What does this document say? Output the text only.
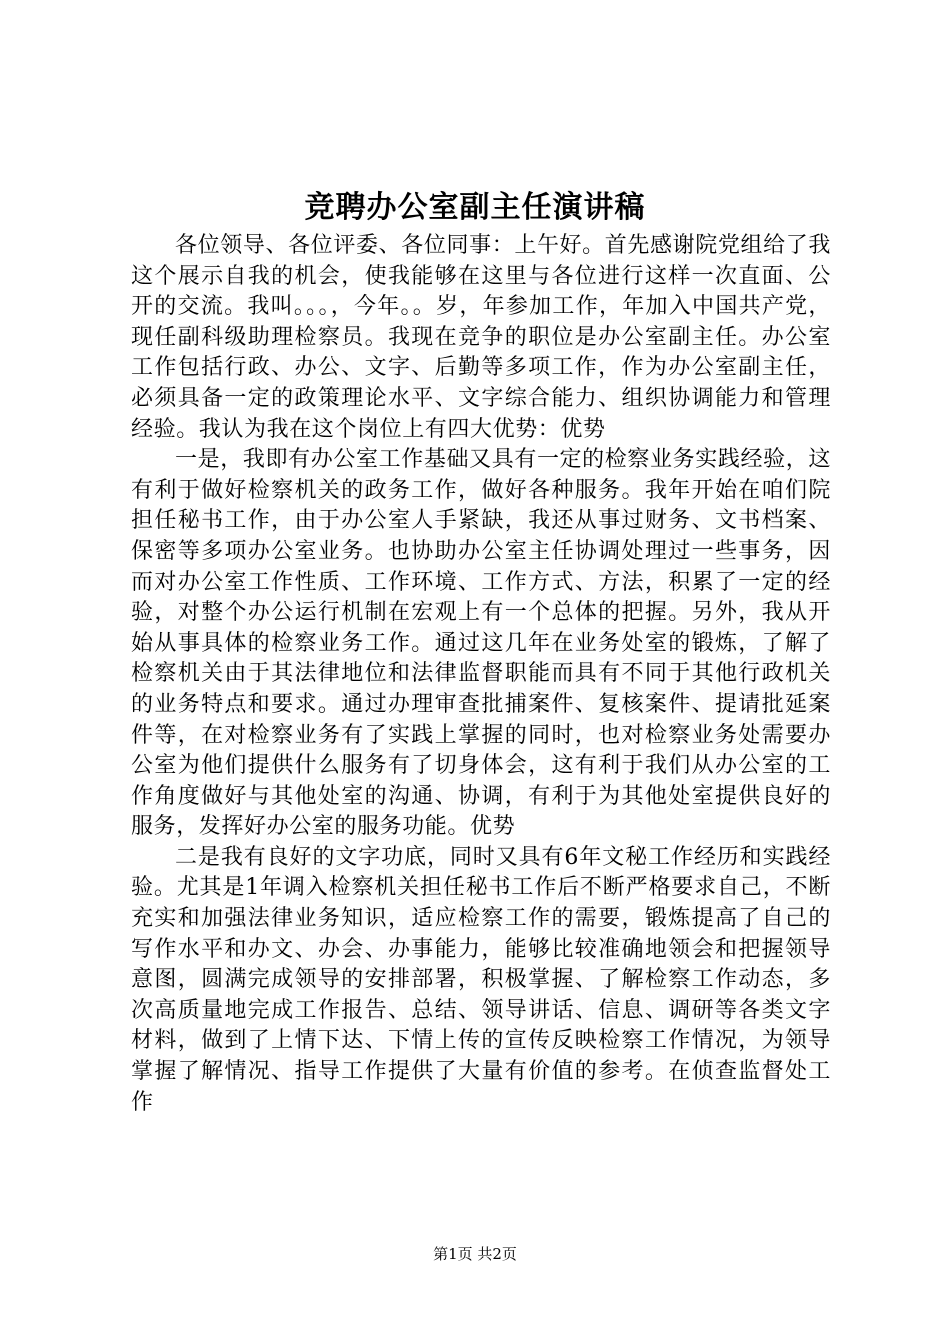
竞聘办公室副主任演讲稿

各位领导、各位评委、各位同事：上午好。首先感谢院党组给了我这个展示自我的机会，使我能够在这里与各位进行这样一次直面、公开的交流。我叫。。。，今年。。岁，年参加工作，年加入中国共产党，现任副科级助理检察员。我现在竞争的职位是办公室副主任。办公室工作包括行政、办公、文字、后勤等多项工作，作为办公室副主任，必须具备一定的政策理论水平、文字综合能力、组织协调能力和管理经验。我认为我在这个岗位上有四大优势：优势

一是，我即有办公室工作基础又具有一定的检察业务实践经验，这有利于做好检察机关的政务工作，做好各种服务。我年开始在咱们院担任秘书工作，由于办公室人手紧缺，我还从事过财务、文书档案、保密等多项办公室业务。也协助办公室主任协调处理过一些事务，因而对办公室工作性质、工作环境、工作方式、方法，积累了一定的经验，对整个办公运行机制在宏观上有一个总体的把握。另外，我从开始从事具体的检察业务工作。通过这几年在业务处室的锻炼，了解了检察机关由于其法律地位和法律监督职能而具有不同于其他行政机关的业务特点和要求。通过办理审查批捕案件、复核案件、提请批延案件等，在对检察业务有了实践上掌握的同时，也对检察业务处需要办公室为他们提供什么服务有了切身体会，这有利于我们从办公室的工作角度做好与其他处室的沟通、协调，有利于为其他处室提供良好的服务，发挥好办公室的服务功能。优势

二是我有良好的文字功底，同时又具有6年文秘工作经历和实践经验。尤其是1年调入检察机关担任秘书工作后不断严格要求自己，不断充实和加强法律业务知识，适应检察工作的需要，锻炼提高了自己的写作水平和办文、办会、办事能力，能够比较准确地领会和把握领导意图，圆满完成领导的安排部署，积极掌握、了解检察工作动态，多次高质量地完成工作报告、总结、领导讲话、信息、调研等各类文字材料，做到了上情下达、下情上传的宣传反映检察工作情况，为领导掌握了解情况、指导工作提供了大量有价值的参考。在侦查监督处工作

第1页 共2页
